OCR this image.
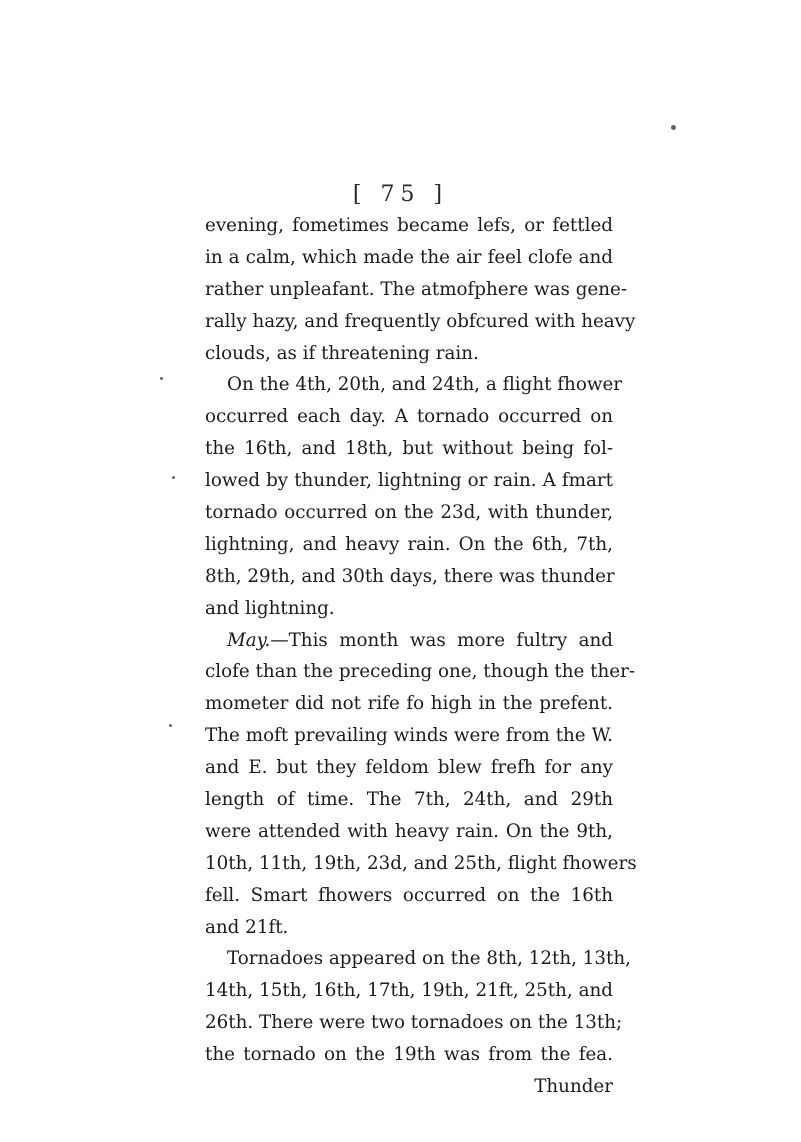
[ 75 ]
evening, fometimes became lefs, or fettled
in a calm, which made the air feel clofe and
rather unpleafant. The atmofphere was gene-
rally hazy, and frequently obfcured with heavy
clouds, as if threatening rain.
On the 4th, 20th, and 24th, a flight fhower
occurred each day. A tornado occurred on
the 16th, and 18th, but without being fol-
lowed by thunder, lightning or rain. A fmart
tornado occurred on the 23d, with thunder,
lightning, and heavy rain. On the 6th, 7th,
8th, 29th, and 30th days, there was thunder
and lightning.
May.—This month was more fultry and
clofe than the preceding one, though the ther-
mometer did not rife fo high in the prefent.
The moft prevailing winds were from the W.
and E. but they feldom blew frefh for any
length of time. The 7th, 24th, and 29th
were attended with heavy rain. On the 9th,
10th, 11th, 19th, 23d, and 25th, flight fhowers
fell. Smart fhowers occurred on the 16th
and 21ft.
Tornadoes appeared on the 8th, 12th, 13th,
14th, 15th, 16th, 17th, 19th, 21ft, 25th, and
26th. There were two tornadoes on the 13th;
the tornado on the 19th was from the fea.
Thunder
